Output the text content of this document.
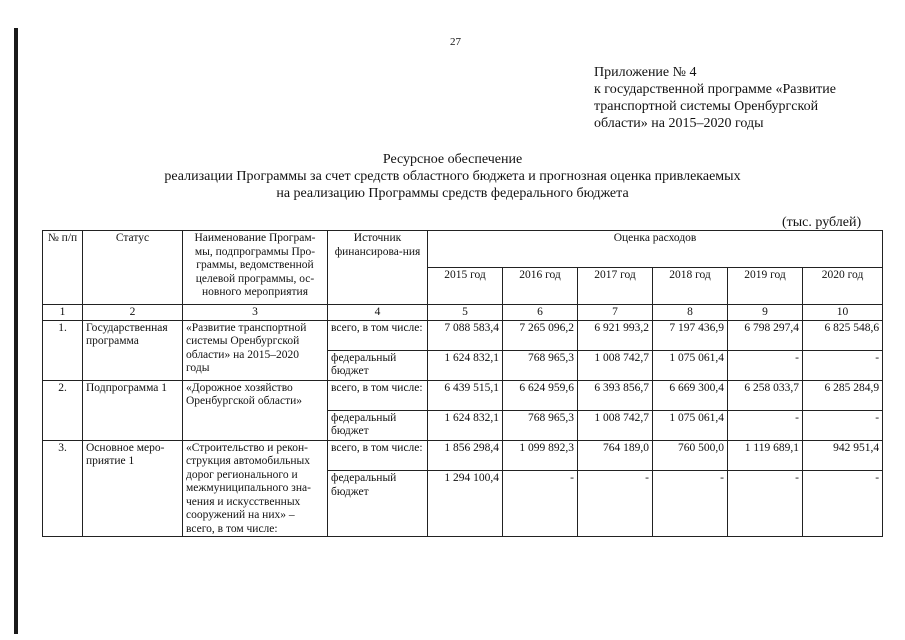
27
Приложение № 4
к государственной программе «Развитие
транспортной системы Оренбургской
области» на 2015–2020 годы
Ресурсное обеспечение
реализации Программы за счет средств областного бюджета и прогнозная оценка привлекаемых
на реализацию Программы средств федерального бюджета
(тыс. рублей)
№ п/п	Статус	Наименование Програм-мы, подпрограммы Про-граммы, ведомственной целевой программы, ос-новного мероприятия	Источник финансирова-ния	Оценка расходов					
				2015 год	2016 год	2017 год	2018 год	2019 год	2020 год
1	2	3	4	5	6	7	8	9	10
1.	Государственная программа	«Развитие транспортной системы Оренбургской области» на 2015–2020 годы	всего, в том числе:	7 088 583,4	7 265 096,2	6 921 993,2	7 197 436,9	6 798 297,4	6 825 548,6
			федеральный бюджет	1 624 832,1	768 965,3	1 008 742,7	1 075 061,4	-	-
2.	Подпрограмма 1	«Дорожное хозяйство Оренбургской области»	всего, в том числе:	6 439 515,1	6 624 959,6	6 393 856,7	6 669 300,4	6 258 033,7	6 285 284,9
			федеральный бюджет	1 624 832,1	768 965,3	1 008 742,7	1 075 061,4	-	-
3.	Основное меро-приятие 1	«Строительство и рекон-струкция автомобильных дорог регионального и межмуниципального зна-чения и искусственных сооружений на них» – всего, в том числе:	всего, в том числе:	1 856 298,4	1 099 892,3	764 189,0	760 500,0	1 119 689,1	942 951,4
			федеральный бюджет	1 294 100,4	-	-	-	-	-
